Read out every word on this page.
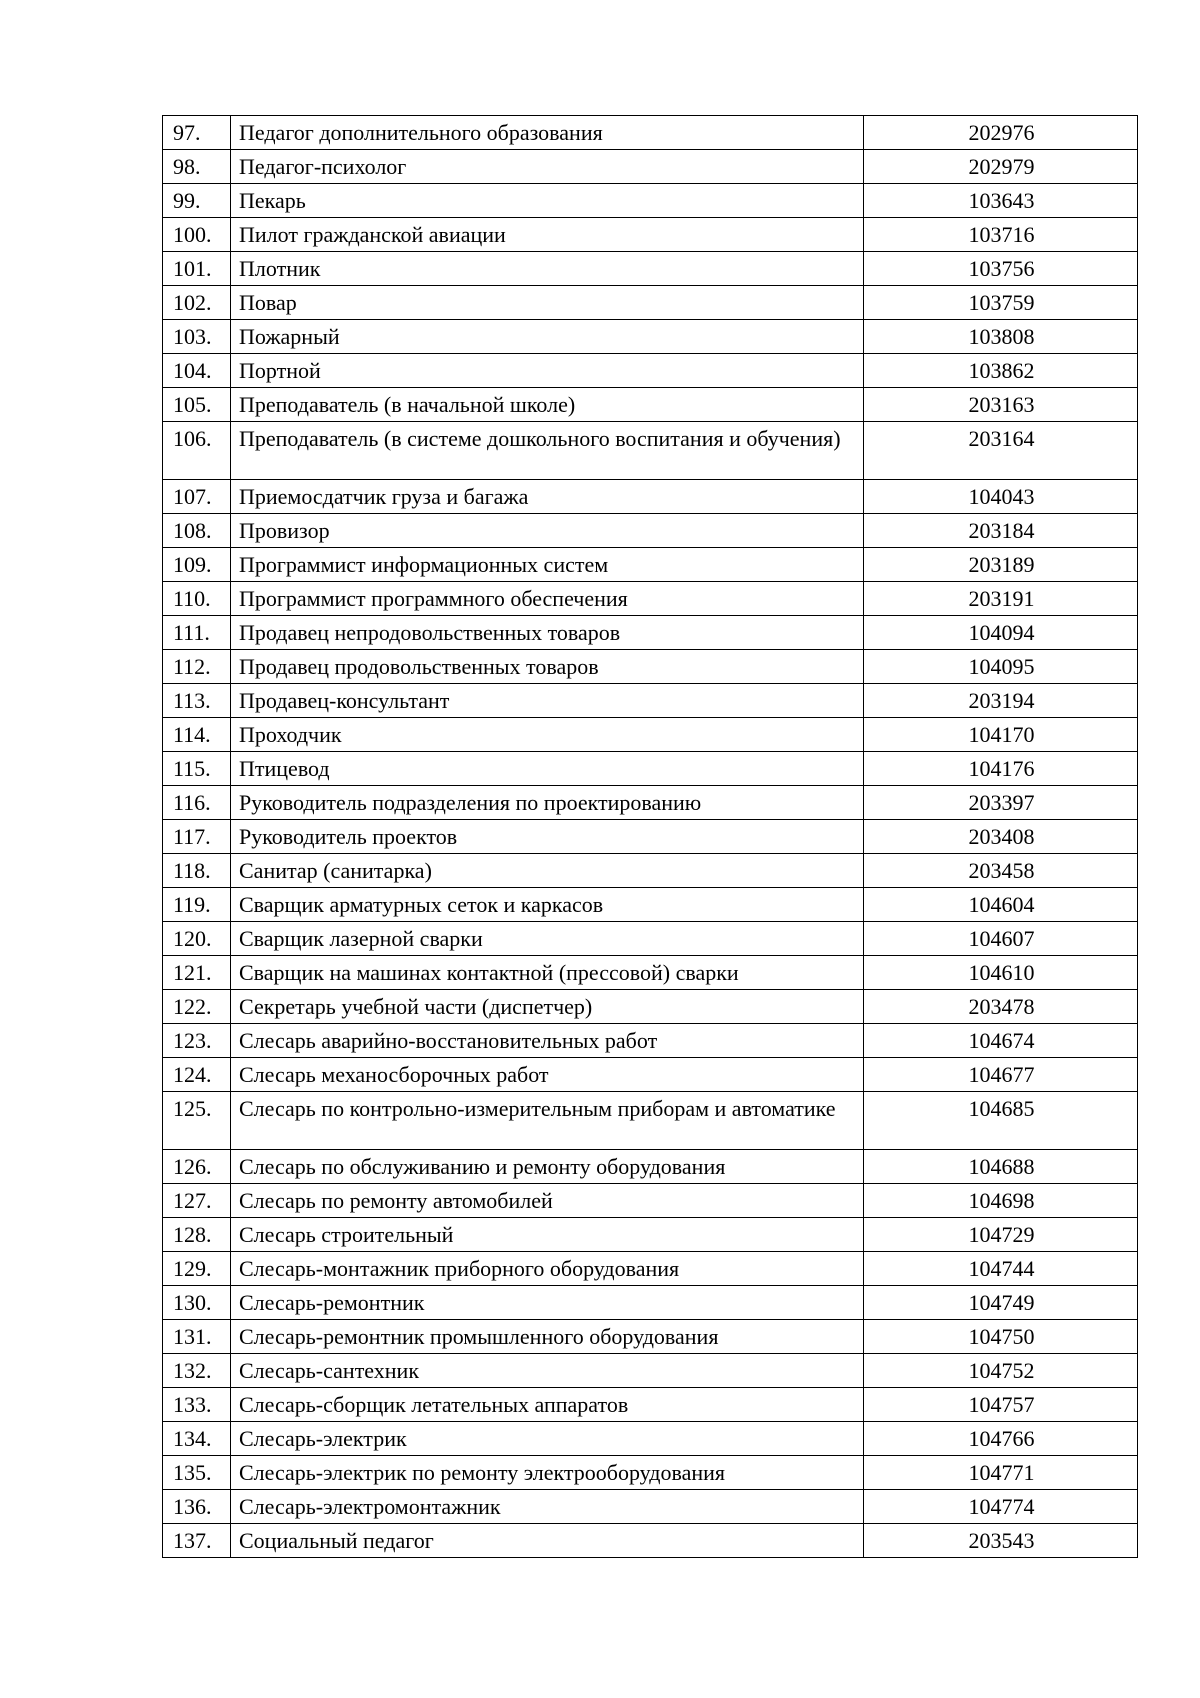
97.	Педагог дополнительного образования	202976
98.	Педагог-психолог	202979
99.	Пекарь	103643
100.	Пилот гражданской авиации	103716
101.	Плотник	103756
102.	Повар	103759
103.	Пожарный	103808
104.	Портной	103862
105.	Преподаватель (в начальной школе)	203163
106.	Преподаватель (в системе дошкольного воспитания и обучения)	203164
107.	Приемосдатчик груза и багажа	104043
108.	Провизор	203184
109.	Программист информационных систем	203189
110.	Программист программного обеспечения	203191
111.	Продавец непродовольственных товаров	104094
112.	Продавец продовольственных товаров	104095
113.	Продавец-консультант	203194
114.	Проходчик	104170
115.	Птицевод	104176
116.	Руководитель подразделения по проектированию	203397
117.	Руководитель проектов	203408
118.	Санитар (санитарка)	203458
119.	Сварщик арматурных сеток и каркасов	104604
120.	Сварщик лазерной сварки	104607
121.	Сварщик на машинах контактной (прессовой) сварки	104610
122.	Секретарь учебной части (диспетчер)	203478
123.	Слесарь аварийно-восстановительных работ	104674
124.	Слесарь механосборочных работ	104677
125.	Слесарь по контрольно-измерительным приборам и автоматике	104685
126.	Слесарь по обслуживанию и ремонту оборудования	104688
127.	Слесарь по ремонту автомобилей	104698
128.	Слесарь строительный	104729
129.	Слесарь-монтажник приборного оборудования	104744
130.	Слесарь-ремонтник	104749
131.	Слесарь-ремонтник промышленного оборудования	104750
132.	Слесарь-сантехник	104752
133.	Слесарь-сборщик летательных аппаратов	104757
134.	Слесарь-электрик	104766
135.	Слесарь-электрик по ремонту электрооборудования	104771
136.	Слесарь-электромонтажник	104774
137.	Социальный педагог	203543
